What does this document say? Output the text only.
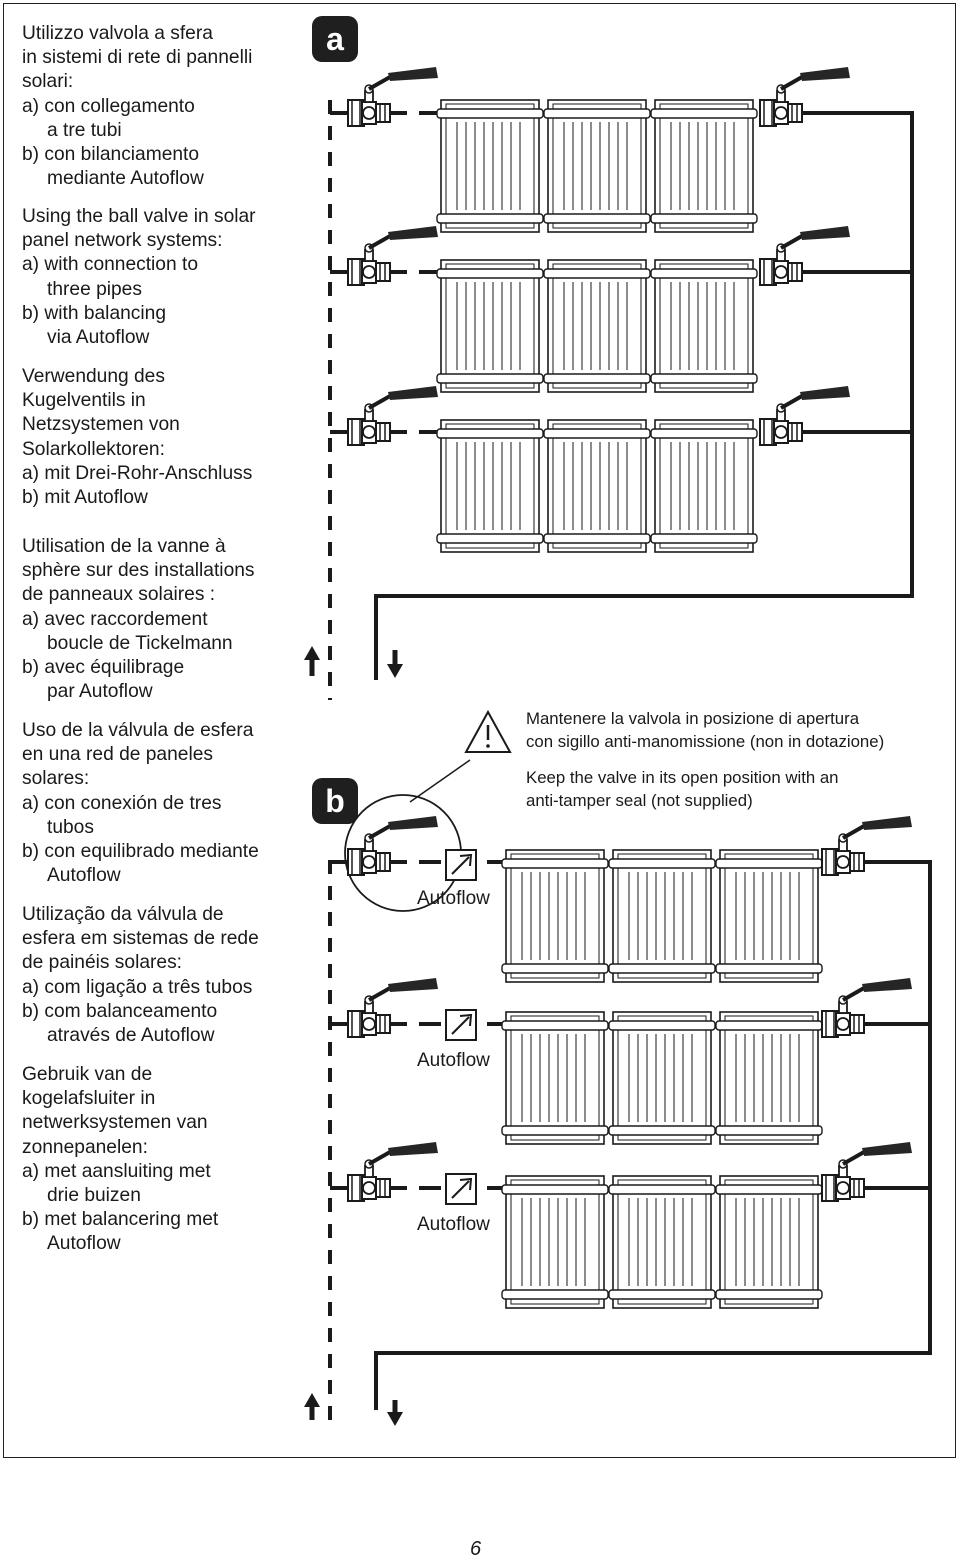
Utilizzo valvola a sfera
in sistemi di rete di pannelli
solari:
a) con collegamento
a tre tubi
b) con bilanciamento
mediante Autoflow
Using the ball valve in solar
panel network systems:
a) with connection to
three pipes
b) with balancing
via Autoflow
Verwendung des
Kugelventils in
Netzsystemen von
Solarkollektoren:
a) mit Drei-Rohr-Anschluss
b) mit Autoflow
Utilisation de la vanne à
sphère sur des installations
de panneaux solaires :
a) avec raccordement
boucle de Tickelmann
b) avec équilibrage
par Autoflow
Uso de la válvula de esfera
en una red de paneles
solares:
a) con conexión de tres
tubos
b) con equilibrado mediante
Autoflow
Utilização da válvula de
esfera em sistemas de rede
de painéis solares:
a) com ligação a três tubos
b) com balanceamento
através de Autoflow
Gebruik van de
kogelafsluiter in
netwerksystemen van
zonnepanelen:
a) met aansluiting met
drie buizen
b) met balancering met
Autoflow
Mantenere la valvola in posizione di apertura
con sigillo anti-manomissione (non in dotazione)
Keep the valve in its open position with an
anti-tamper seal (not supplied)
a
b
Autoflow
Autoflow
Autoflow
6
